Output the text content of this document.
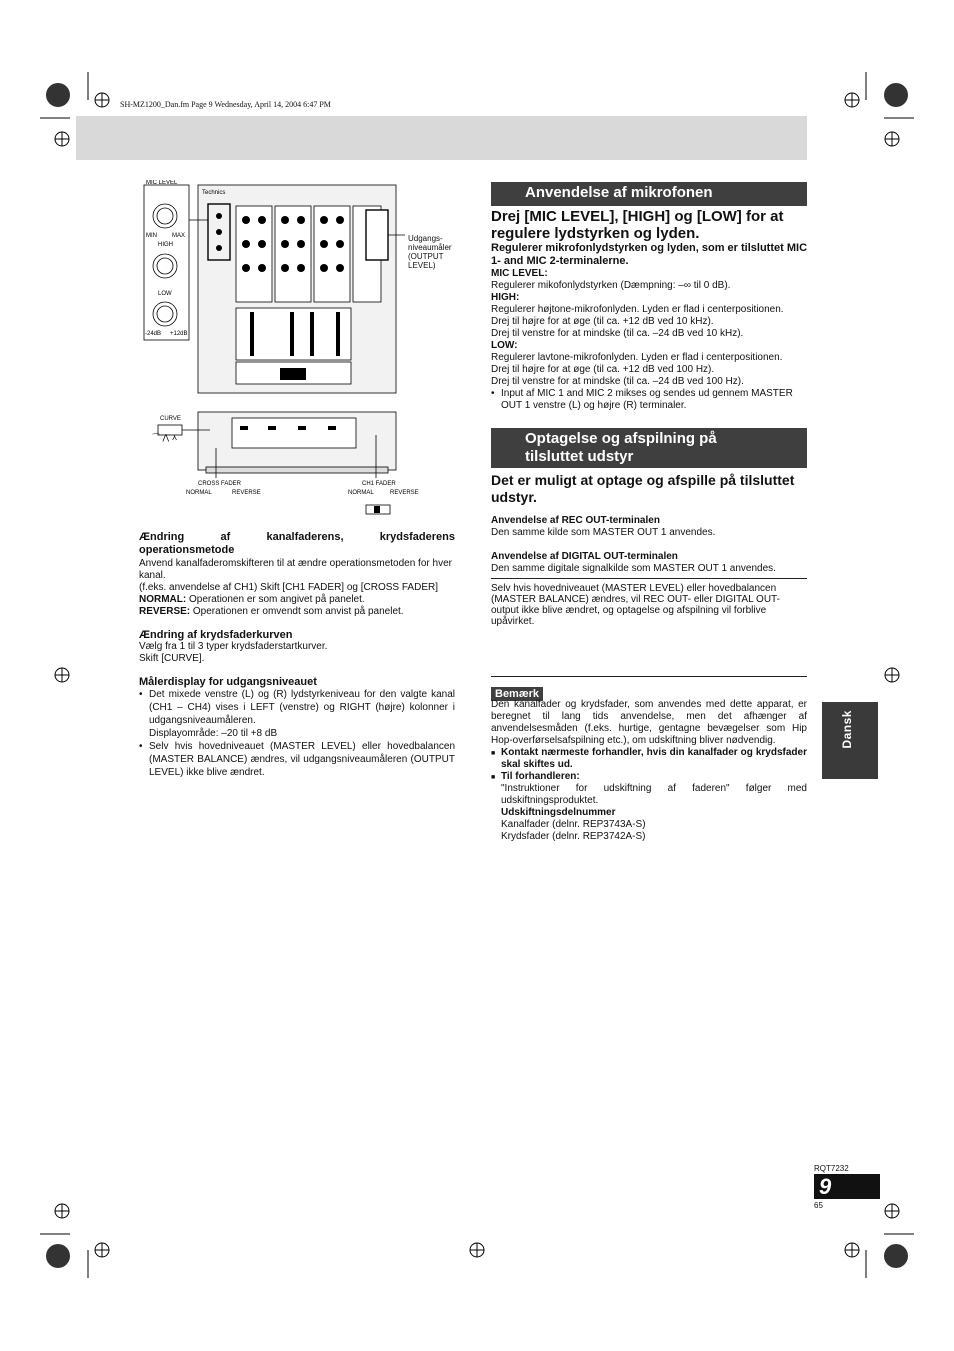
SH-MZ1200_Dan.fm Page 9 Wednesday, April 14, 2004 6:47 PM
MIC LEVEL
MIN	MAX
HIGH
LOW
-24dB +12dB
Technics
CURVE
CROSS FADER
NORMAL	REVERSE
CH1 FADER
NORMAL	REVERSE
⌒ ⋀ ⋏
Udgangs-
niveaumåler
(OUTPUT
LEVEL)
Ændring	af	kanalfaderens,	krydsfaderens
operationsmetode

Anvend kanalfaderomskifteren til at ændre operationsmetoden for hver kanal.

(f.eks. anvendelse af CH1) Skift [CH1 FADER] og [CROSS FADER]

NORMAL: Operationen er som angivet på panelet.

REVERSE: Operationen er omvendt som anvist på panelet.

Ændring af krydsfaderkurven

Vælg fra 1 til 3 typer krydsfaderstartkurver.

Skift [CURVE].

Målerdisplay for udgangsniveauet
• Det mixede venstre (L) og (R) lydstyrkeniveau for den valgte kanal (CH1 – CH4) vises i LEFT (venstre) og RIGHT (højre) kolonner i udgangsniveaumåleren.
Displayområde: –20 til +8 dB
• Selv hvis hovedniveauet (MASTER LEVEL) eller hovedbalancen (MASTER BALANCE) ændres, vil udgangsniveaumåleren (OUTPUT LEVEL) ikke blive ændret.
Anvendelse af mikrofonen
Drej [MIC LEVEL], [HIGH] og [LOW] for at regulere lydstyrken og lyden.

Regulerer mikrofonlydstyrken og lyden, som er tilsluttet MIC 1- and MIC 2-terminalerne.

MIC LEVEL:

Regulerer mikofonlydstyrken (Dæmpning: –∞ til 0 dB).

HIGH:

Regulerer højtone-mikrofonlyden. Lyden er flad i centerpositionen.

Drej til højre for at øge (til ca. +12 dB ved 10 kHz).

Drej til venstre for at mindske (til ca. –24 dB ved 10 kHz).

LOW:

Regulerer lavtone-mikrofonlyden. Lyden er flad i centerpositionen.

Drej til højre for at øge (til ca. +12 dB ved 100 Hz).

Drej til venstre for at mindske (til ca. –24 dB ved 100 Hz).

• Input af MIC 1 and MIC 2 mikses og sendes ud gennem MASTER OUT 1 venstre (L) og højre (R) terminaler.
Optagelse og afspilning på
tilsluttet udstyr
Det er muligt at optage og afspille på tilsluttet udstyr.

Anvendelse af REC OUT-terminalen

Den samme kilde som MASTER OUT 1 anvendes.

Anvendelse af DIGITAL OUT-terminalen

Den samme digitale signalkilde som MASTER OUT 1 anvendes.

Selv hvis hovedniveauet (MASTER LEVEL) eller hovedbalancen (MASTER BALANCE) ændres, vil REC OUT- eller DIGITAL OUT-output ikke blive ændret, og optagelse og afspilning vil forblive upåvirket.
Bemærk

Den kanalfader og krydsfader, som anvendes med dette apparat, er beregnet til lang tids anvendelse, men det afhænger af anvendelsesmåden (f.eks. hurtige, gentagne bevægelser som Hip Hop-overførselsafspilning etc.), om udskiftning bliver nødvendig.

■ Kontakt nærmeste forhandler, hvis din kanalfader og krydsfader skal skiftes ud.
■ Til forhandleren:
"Instruktioner for udskiftning af faderen" følger med udskiftningsproduktet.
Udskiftningsdelnummer
Kanalfader (delnr. REP3743A-S)
Krydsfader (delnr. REP3742A-S)
Dansk
RQT7232
9
65
